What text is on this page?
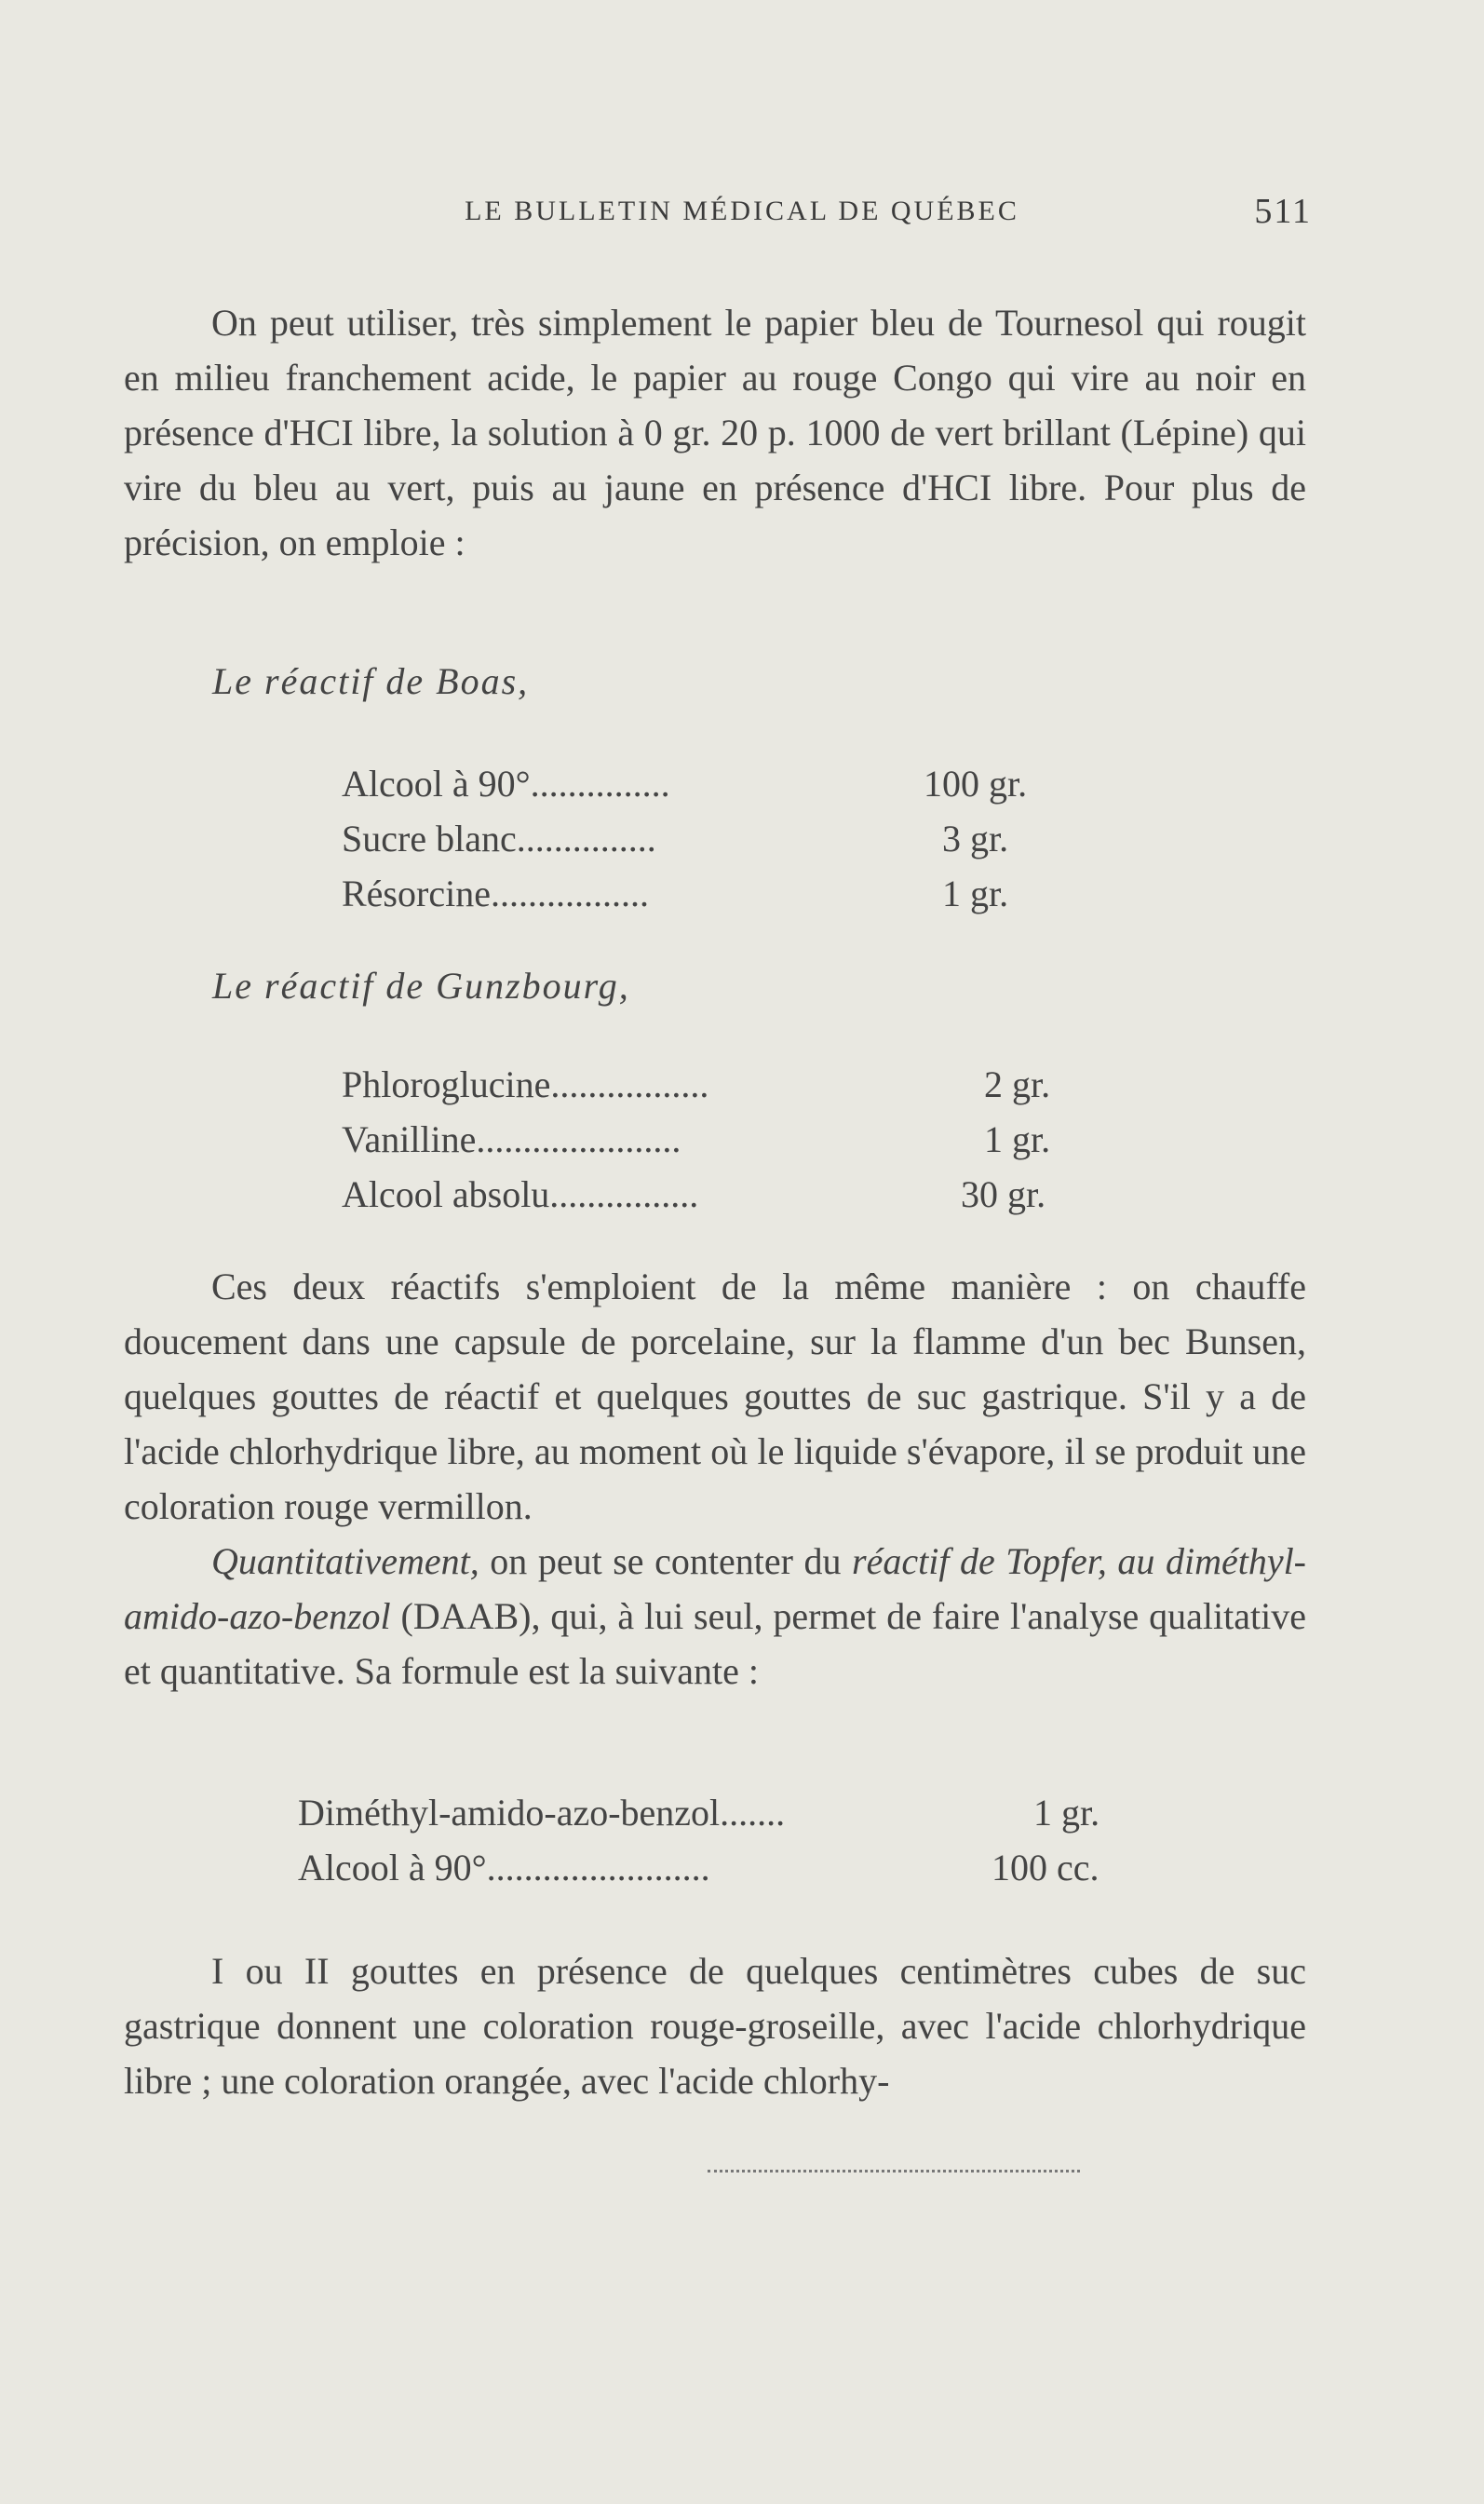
LE BULLETIN MÉDICAL DE QUÉBEC	511

On peut utiliser, très simplement le papier bleu de Tournesol qui rougit en milieu franchement acide, le papier au rouge Congo qui vire au noir en présence d'HCI libre, la solution à 0 gr. 20 p. 1000 de vert brillant (Lépine) qui vire du bleu au vert, puis au jaune en présence d'HCI libre. Pour plus de précision, on emploie :

Le réactif de Boas,
Alcool à 90°...............	100 gr.
Sucre blanc...............	3 gr.
Résorcine.................	1 gr.
Le réactif de Gunzbourg,
Phloroglucine.................	2 gr.
Vanilline......................	1 gr.
Alcool absolu................	30 gr.

Ces deux réactifs s'emploient de la même manière : on chauffe doucement dans une capsule de porcelaine, sur la flamme d'un bec Bunsen, quelques gouttes de réactif et quelques gouttes de suc gastrique. S'il y a de l'acide chlorhydrique libre, au moment où le liquide s'évapore, il se produit une coloration rouge vermillon.

Quantitativement, on peut se contenter du réactif de Topfer, au diméthyl-amido-azo-benzol (DAAB), qui, à lui seul, permet de faire l'analyse qualitative et quantitative. Sa formule est la suivante :

Diméthyl-amido-azo-benzol.......	1 gr.
Alcool à 90°........................	100 cc.

I ou II gouttes en présence de quelques centimètres cubes de suc gastrique donnent une coloration rouge-groseille, avec l'acide chlorhydrique libre ; une coloration orangée, avec l'acide chlorhy-
